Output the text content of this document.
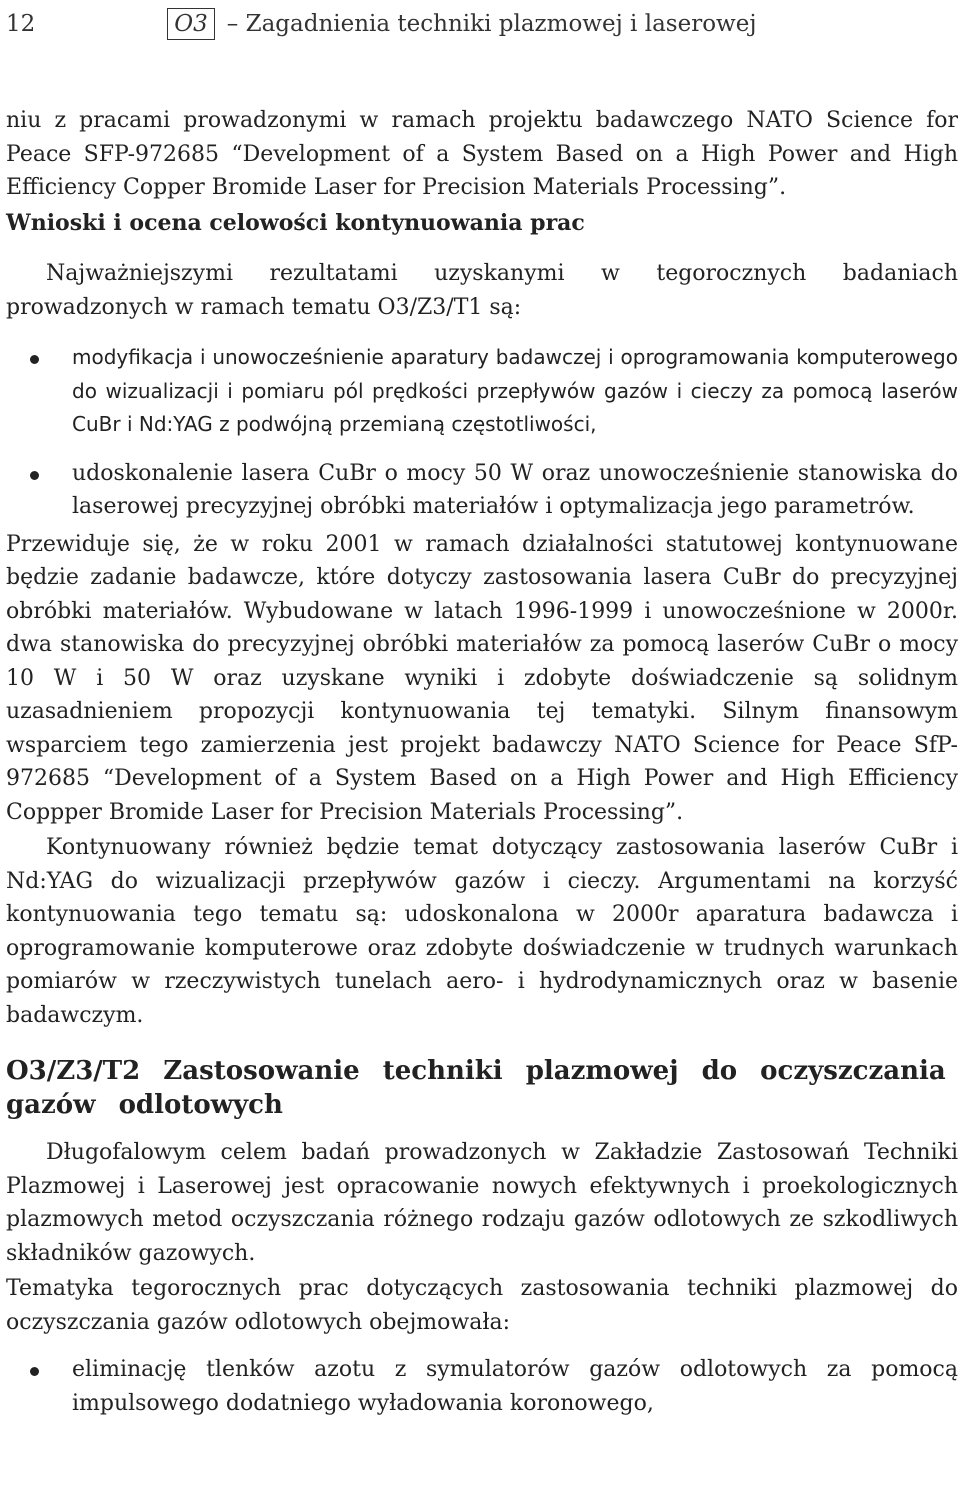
12	O3 – Zagadnienia techniki plazmowej i laserowej

niu z pracami prowadzonymi w ramach projektu badawczego NATO Science for Peace SFP-972685 “Development of a System Based on a High Power and High Efficiency Copper Bromide Laser for Precision Materials Processing”.

Wnioski i ocena celowości kontynuowania prac

Najważniejszymi rezultatami uzyskanymi w tegorocznych badaniach prowadzonych w ramach tematu O3/Z3/T1 są:

modyfikacja i unowocześnienie aparatury badawczej i oprogramowania komputerowego do wizualizacji i pomiaru pól prędkości przepływów gazów i cieczy za pomocą laserów CuBr i Nd:YAG z podwójną przemianą częstotliwości,
udoskonalenie lasera CuBr o mocy 50 W oraz unowocześnienie stanowiska do laserowej precyzyjnej obróbki materiałów i optymalizacja jego parametrów.

Przewiduje się, że w roku 2001 w ramach działalności statutowej kontynuowane będzie zadanie badawcze, które dotyczy zastosowania lasera CuBr do precyzyjnej obróbki materiałów. Wybudowane w latach 1996-1999 i unowocześnione w 2000r. dwa stanowiska do precyzyjnej obróbki materiałów za pomocą laserów CuBr o mocy 10 W i 50 W oraz uzyskane wyniki i zdobyte doświadczenie są solidnym uzasadnieniem propozycji kontynuowania tej tematyki. Silnym finansowym wsparciem tego zamierzenia jest projekt badawczy NATO Science for Peace SfP-972685 “Development of a System Based on a High Power and High Efficiency Coppper Bromide Laser for Precision Materials Processing”.

Kontynuowany również będzie temat dotyczący zastosowania laserów CuBr i Nd:YAG do wizualizacji przepływów gazów i cieczy. Argumentami na korzyść kontynuowania tego tematu są: udoskonalona w 2000r aparatura badawcza i oprogramowanie komputerowe oraz zdobyte doświadczenie w trudnych warunkach pomiarów w rzeczywistych tunelach aero- i hydrodynamicznych oraz w basenie badawczym.

O3/Z3/T2 Zastosowanie techniki plazmowej do oczyszczania gazów odlotowych

Długofalowym celem badań prowadzonych w Zakładzie Zastosowań Techniki Plazmowej i Laserowej jest opracowanie nowych efektywnych i proekologicznych plazmowych metod oczyszczania różnego rodzaju gazów odlotowych ze szkodliwych składników gazowych.

Tematyka tegorocznych prac dotyczących zastosowania techniki plazmowej do oczyszczania gazów odlotowych obejmowała:

eliminację tlenków azotu z symulatorów gazów odlotowych za pomocą impulsowego dodatniego wyładowania koronowego,
